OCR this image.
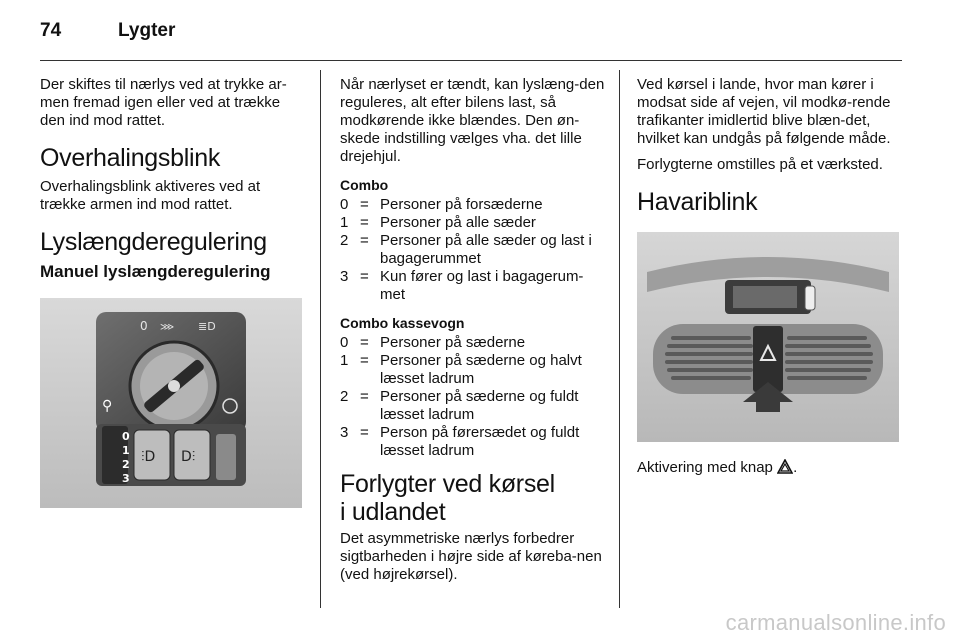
74	Lygter

Der skiftes til nærlys ved at trykke ar-men fremad igen eller ved at trække den ind mod rattet.

Overhalingsblink

Overhalingsblink aktiveres ved at trække armen ind mod rattet.

Lyslængderegulering
Manuel lyslængderegulering
0 ⋙ ≣D
⚲
0
1
2
3
⫶D D⫶

Når nærlyset er tændt, kan lyslæng-den reguleres, alt efter bilens last, så modkørende ikke blændes. Den øn-skede indstilling vælges vha. det lille drejehjul.

Combo
0 = Personer på forsæderne
1 = Personer på alle sæder
2 = Personer på alle sæder og last i bagagerummet
3 = Kun fører og last i bagagerum-met
Combo kassevogn
0 = Personer på sæderne
1 = Personer på sæderne og halvt læsset ladrum
2 = Personer på sæderne og fuldt læsset ladrum
3 = Person på førersædet og fuldt læsset ladrum
Forlygter ved kørsel
i udlandet

Det asymmetriske nærlys forbedrer sigtbarheden i højre side af køreba-nen (ved højrekørsel).

Ved kørsel i lande, hvor man kører i modsat side af vejen, vil modkø-rende trafikanter imidlertid blive blæn-det, hvilket kan undgås på følgende måde.

Forlygterne omstilles på et værksted.

Havariblink

Aktivering med knap .

carmanualsonline.info
